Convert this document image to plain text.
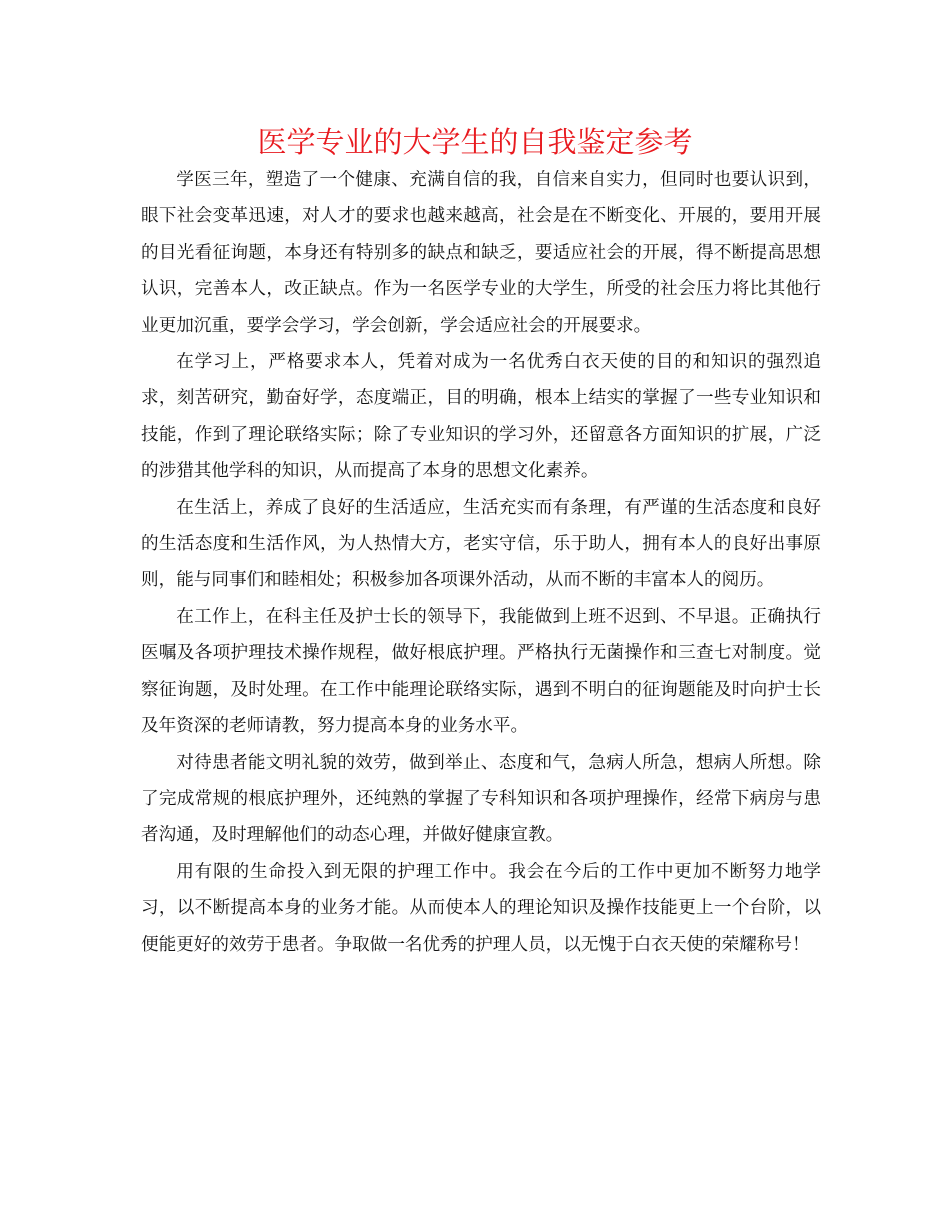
医学专业的大学生的自我鉴定参考

学医三年，塑造了一个健康、充满自信的我，自信来自实力，但同时也要认识到，眼下社会变革迅速，对人才的要求也越来越高，社会是在不断变化、开展的，要用开展的目光看征询题，本身还有特别多的缺点和缺乏，要适应社会的开展，得不断提高思想认识，完善本人，改正缺点。作为一名医学专业的大学生，所受的社会压力将比其他行业更加沉重，要学会学习，学会创新，学会适应社会的开展要求。

在学习上，严格要求本人，凭着对成为一名优秀白衣天使的目的和知识的强烈追求，刻苦研究，勤奋好学，态度端正，目的明确，根本上结实的掌握了一些专业知识和技能，作到了理论联络实际；除了专业知识的学习外，还留意各方面知识的扩展，广泛的涉猎其他学科的知识，从而提高了本身的思想文化素养。

在生活上，养成了良好的生活适应，生活充实而有条理，有严谨的生活态度和良好的生活态度和生活作风，为人热情大方，老实守信，乐于助人，拥有本人的良好出事原则，能与同事们和睦相处；积极参加各项课外活动，从而不断的丰富本人的阅历。

在工作上，在科主任及护士长的领导下，我能做到上班不迟到、不早退。正确执行医嘱及各项护理技术操作规程，做好根底护理。严格执行无菌操作和三查七对制度。觉察征询题，及时处理。在工作中能理论联络实际，遇到不明白的征询题能及时向护士长及年资深的老师请教，努力提高本身的业务水平。

对待患者能文明礼貌的效劳，做到举止、态度和气，急病人所急，想病人所想。除了完成常规的根底护理外，还纯熟的掌握了专科知识和各项护理操作，经常下病房与患者沟通，及时理解他们的动态心理，并做好健康宣教。

用有限的生命投入到无限的护理工作中。我会在今后的工作中更加不断努力地学习，以不断提高本身的业务才能。从而使本人的理论知识及操作技能更上一个台阶，以便能更好的效劳于患者。争取做一名优秀的护理人员，以无愧于白衣天使的荣耀称号！
